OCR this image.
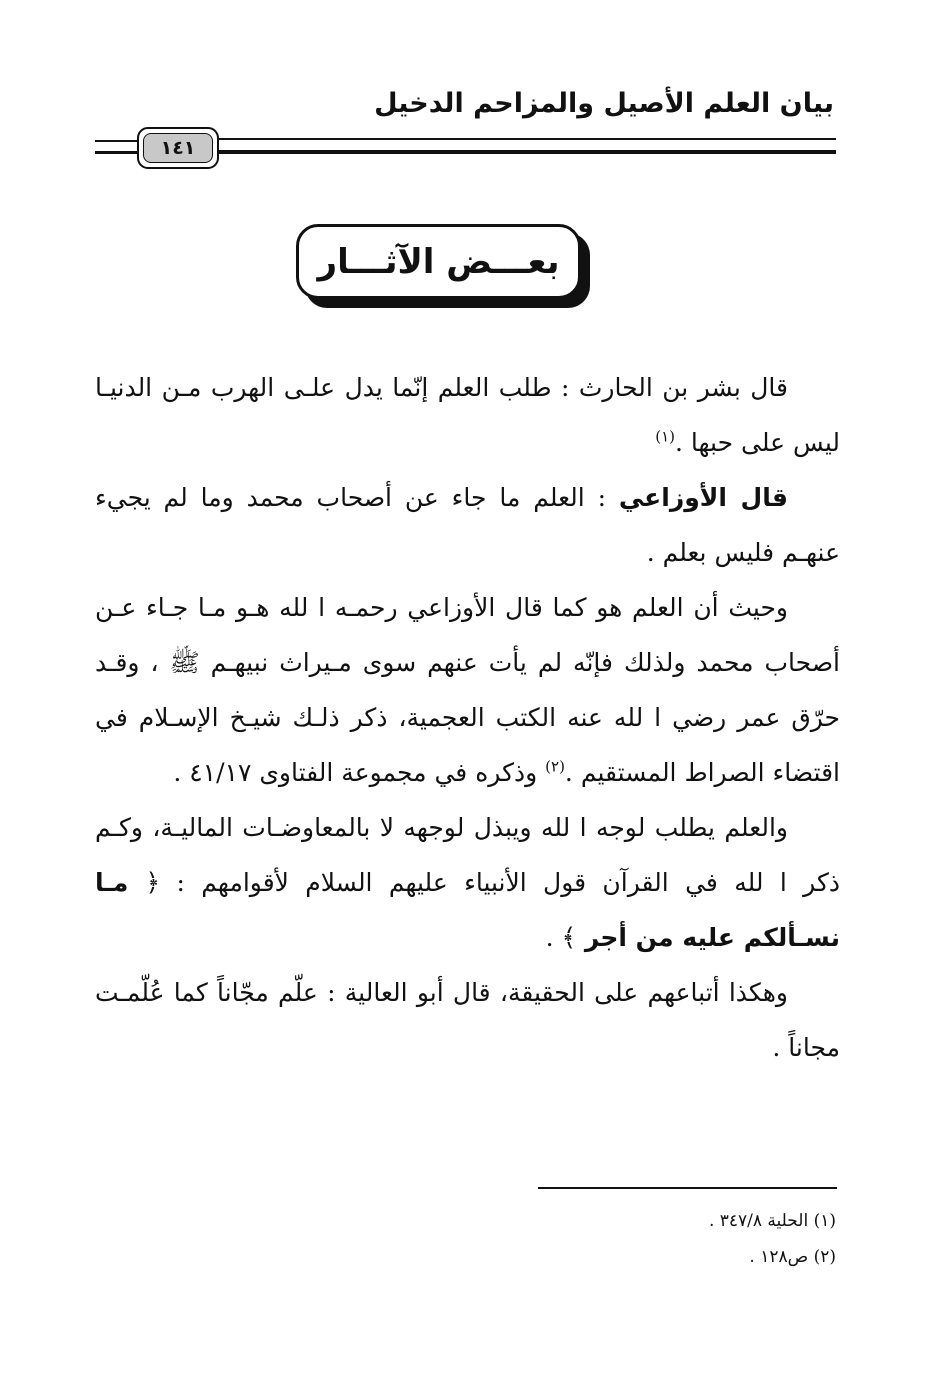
بيان العلم الأصيل والمزاحم الدخيل
١٤١
بعـــض الآثـــار

قال بشر بن الحارث : طلب العلم إنّما يدل علـى الهرب مـن الدنيـا ليس على حبها .$^{(١)}$

قال الأوزاعي : العلم ما جاء عن أصحاب محمد وما لم يجيء عنهـم فليس بعلم .

وحيث أن العلم هو كما قال الأوزاعي رحمـه ا لله هـو مـا جـاء عـن أصحاب محمد ولذلك فإنّه لم يأت عنهم سوى مـيراث نبيهـم ﷺ ، وقـد حرّق عمر رضي ا لله عنه الكتب العجمية، ذكر ذلـك شيـخ الإسـلام في اقتضاء الصراط المستقيم .$^{(٢)}$ وذكره في مجموعة الفتاوى ٤١/١٧ .

والعلم يطلب لوجه ا لله ويبذل لوجهه لا بالمعاوضـات الماليـة، وكـم ذكر ا لله في القرآن قول الأنبياء عليهم السلام لأقوامهم : ﴿ مـا نسـألكم عليه من أجر ﴾ .

وهكذا أتباعهم على الحقيقة، قال أبو العالية : علّم مجّاناً كما عُلّمـت مجاناً .

(١) الحلية ٣٤٧/٨ .
(٢) ص١٢٨ .
